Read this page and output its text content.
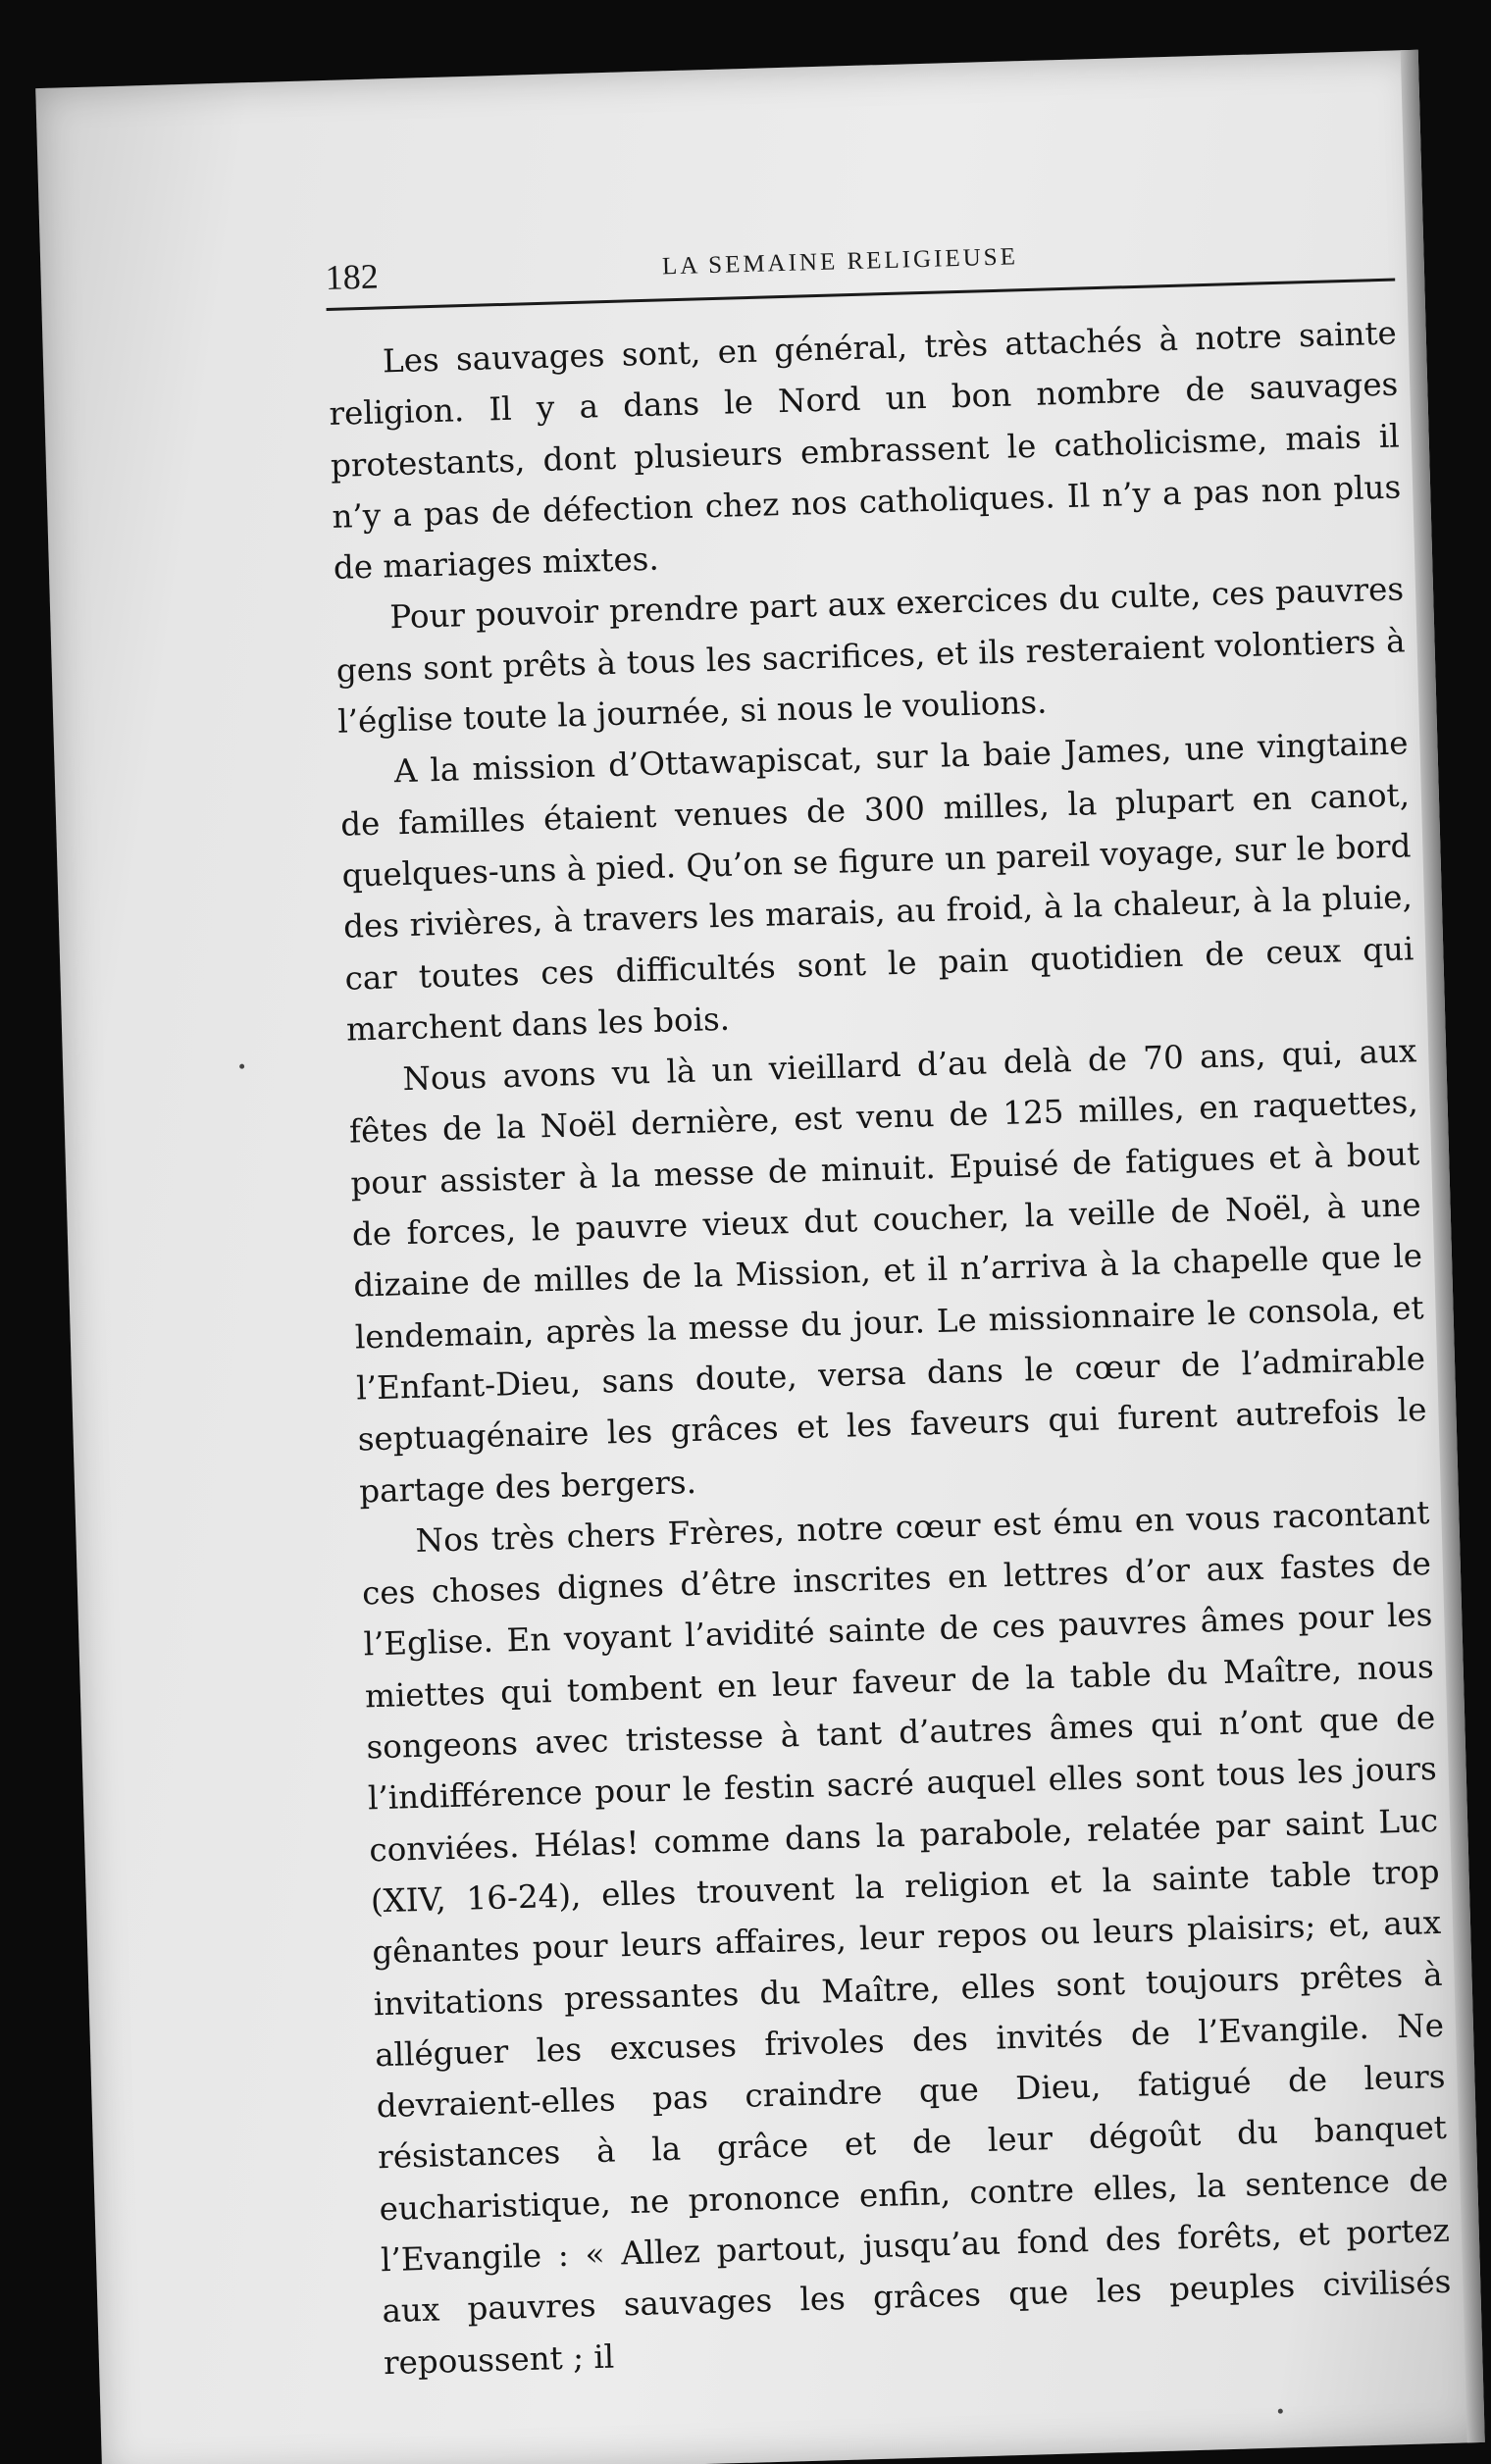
182	LA SEMAINE RELIGIEUSE

Les sauvages sont, en général, très attachés à notre sainte religion. Il y a dans le Nord un bon nombre de sauvages protestants, dont plusieurs embrassent le catholicisme, mais il n’y a pas de défection chez nos catholiques. Il n’y a pas non plus de mariages mixtes.

Pour pouvoir prendre part aux exercices du culte, ces pauvres gens sont prêts à tous les sacrifices, et ils resteraient volontiers à l’église toute la journée, si nous le voulions.

A la mission d’Ottawapiscat, sur la baie James, une vingtaine de familles étaient venues de 300 milles, la plupart en canot, quelques-uns à pied. Qu’on se figure un pareil voyage, sur le bord des rivières, à travers les marais, au froid, à la chaleur, à la pluie, car toutes ces difficultés sont le pain quotidien de ceux qui marchent dans les bois.

Nous avons vu là un vieillard d’au delà de 70 ans, qui, aux fêtes de la Noël dernière, est venu de 125 milles, en raquettes, pour assister à la messe de minuit. Epuisé de fatigues et à bout de forces, le pauvre vieux dut coucher, la veille de Noël, à une dizaine de milles de la Mission, et il n’arriva à la chapelle que le lendemain, après la messe du jour. Le missionnaire le consola, et l’Enfant-Dieu, sans doute, versa dans le cœur de l’admirable septuagénaire les grâces et les faveurs qui furent autrefois le partage des bergers.

Nos très chers Frères, notre cœur est ému en vous racontant ces choses dignes d’être inscrites en lettres d’or aux fastes de l’Eglise. En voyant l’avidité sainte de ces pauvres âmes pour les miettes qui tombent en leur faveur de la table du Maître, nous songeons avec tristesse à tant d’autres âmes qui n’ont que de l’indifférence pour le festin sacré auquel elles sont tous les jours conviées. Hélas! comme dans la parabole, relatée par saint Luc (XIV, 16-24), elles trouvent la religion et la sainte table trop gênantes pour leurs affaires, leur repos ou leurs plaisirs; et, aux invitations pressantes du Maître, elles sont toujours prêtes à alléguer les excuses frivoles des invités de l’Evangile. Ne devraient-elles pas craindre que Dieu, fatigué de leurs résistances à la grâce et de leur dégoût du banquet eucharistique, ne prononce enfin, contre elles, la sentence de l’Evangile : « Allez partout, jusqu’au fond des forêts, et portez aux pauvres sauvages les grâces que les peuples civilisés repoussent ; il
